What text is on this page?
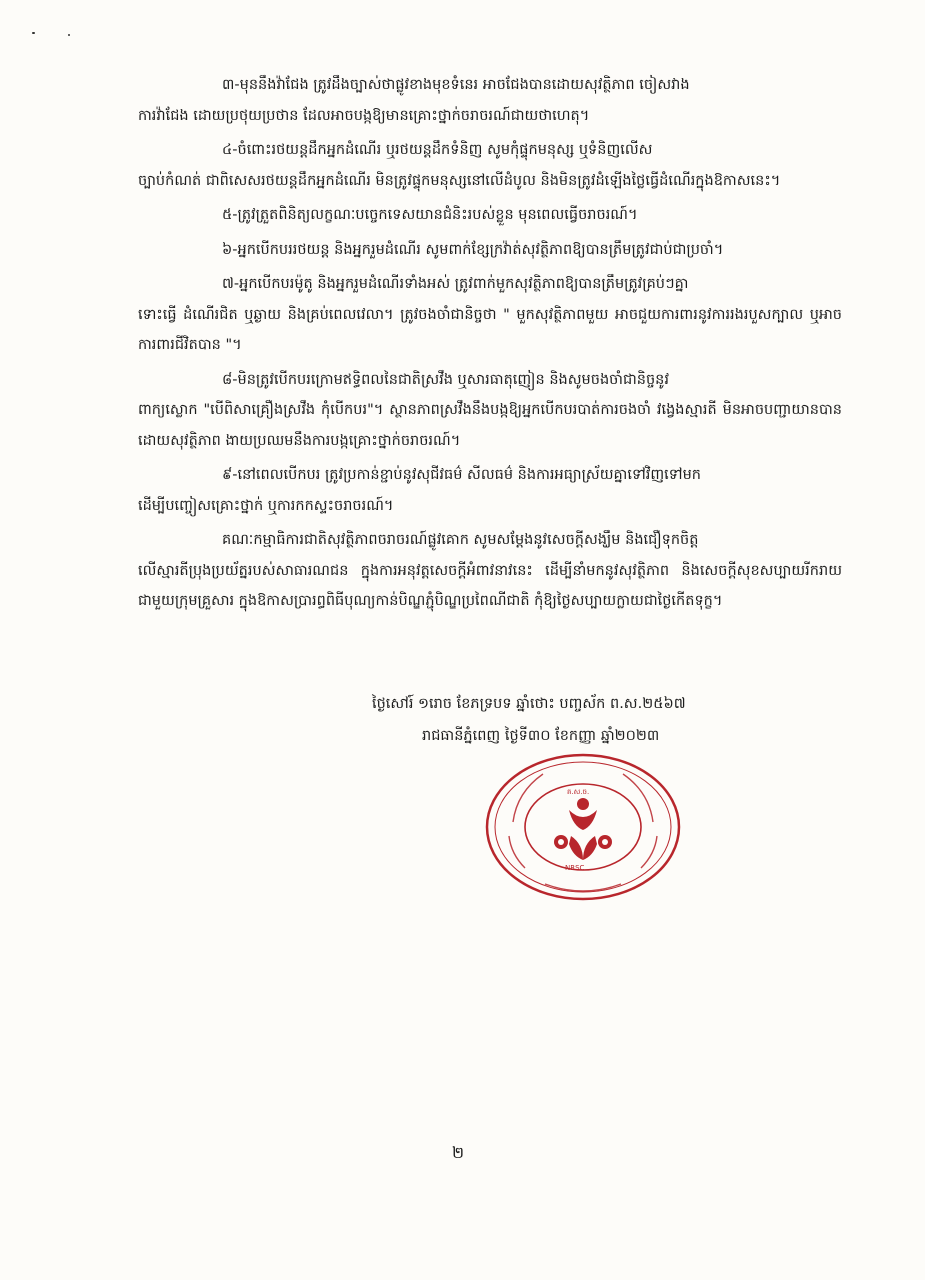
៣-មុននឹងវ៉ាជែង ត្រូវដឹងច្បាស់ថាផ្លូវខាងមុខទំនេរ អាចជែងបានដោយសុវត្ថិភាព ចៀសវាង
ការវ៉ាជែង ដោយប្រថុយប្រថាន ដែលអាចបង្កឱ្យមានគ្រោះថ្នាក់ចរាចរណ៍ជាយថាហេតុ។

៤-ចំពោះរថយន្តដឹកអ្នកដំណើរ ឬរថយន្តដឹកទំនិញ សូមកុំផ្ទុកមនុស្ស ឬទំនិញលើស
ច្បាប់កំណត់ ជាពិសេសរថយន្តដឹកអ្នកដំណើរ មិនត្រូវផ្ទុកមនុស្សនៅលើដំបូល និងមិនត្រូវដំឡើងថ្លៃធ្វើដំណើរក្នុងឱកាសនេះ។

៥-ត្រូវត្រួតពិនិត្យលក្ខណៈបច្ចេកទេសយានជំនិះរបស់ខ្លួន មុនពេលធ្វើចរាចរណ៍។

៦-អ្នកបើកបររថយន្ត និងអ្នករួមដំណើរ សូមពាក់ខ្សែក្រវ៉ាត់សុវត្ថិភាពឱ្យបានត្រឹមត្រូវជាប់ជាប្រចាំ។

៧-អ្នកបើកបរម៉ូតូ និងអ្នករួមដំណើរទាំងអស់ ត្រូវពាក់មួកសុវត្ថិភាពឱ្យបានត្រឹមត្រូវគ្រប់ៗគ្នា
ទោះធ្វើ ដំណើរជិត ឬឆ្ងាយ និងគ្រប់ពេលវេលា។ ត្រូវចងចាំជានិច្ចថា " មួកសុវត្ថិភាពមួយ អាចជួយការពារនូវការរងរបួសក្បាល ឬអាចការពារជីវិតបាន "។

៨-មិនត្រូវបើកបរក្រោមឥទ្ធិពលនៃជាតិស្រវឹង ឬសារធាតុញៀន និងសូមចងចាំជានិច្ចនូវ
ពាក្យស្លោក "បើពិសាគ្រឿងស្រវឹង កុំបើកបរ"។ ស្ថានភាពស្រវឹងនឹងបង្កឱ្យអ្នកបើកបរបាត់ការចងចាំ វង្វេងស្មារតី មិនអាចបញ្ជាយានបានដោយសុវត្ថិភាព ងាយប្រឈមនឹងការបង្កគ្រោះថ្នាក់ចរាចរណ៍។

៩-នៅពេលបើកបរ ត្រូវប្រកាន់ខ្ជាប់នូវសុជីវធម៌ សីលធម៌ និងការអធ្យាស្រ័យគ្នាទៅវិញទៅមក
ដើម្បីបញ្ចៀសគ្រោះថ្នាក់ ឬការកកស្ទះចរាចរណ៍។

គណៈកម្មាធិការជាតិសុវត្ថិភាពចរាចរណ៍ផ្លូវគោក សូមសម្តែងនូវសេចក្តីសង្ឃឹម និងជឿទុកចិត្ត
លើស្មារតីប្រុងប្រយ័ត្នរបស់សាធារណជន ក្នុងការអនុវត្តសេចក្តីអំពាវនាវនេះ ដើម្បីនាំមកនូវសុវត្ថិភាព និងសេចក្តីសុខសប្បាយរីករាយជាមួយក្រុមគ្រួសារ ក្នុងឱកាសប្រារព្ធពិធីបុណ្យកាន់បិណ្ឌភ្ជុំបិណ្ឌប្រពៃណីជាតិ កុំឱ្យថ្ងៃសប្បាយក្លាយជាថ្ងៃកើតទុក្ខ។

ថ្ងៃសៅរ៍ ១រោច ខែភទ្របទ ឆ្នាំថោះ បញ្ចស័ក ព.ស.២៥៦៧
រាជធានីភ្នំពេញ ថ្ងៃទី៣០ ខែកញ្ញា ឆ្នាំ២០២៣
គ.ស.ច.
NRSC
២
